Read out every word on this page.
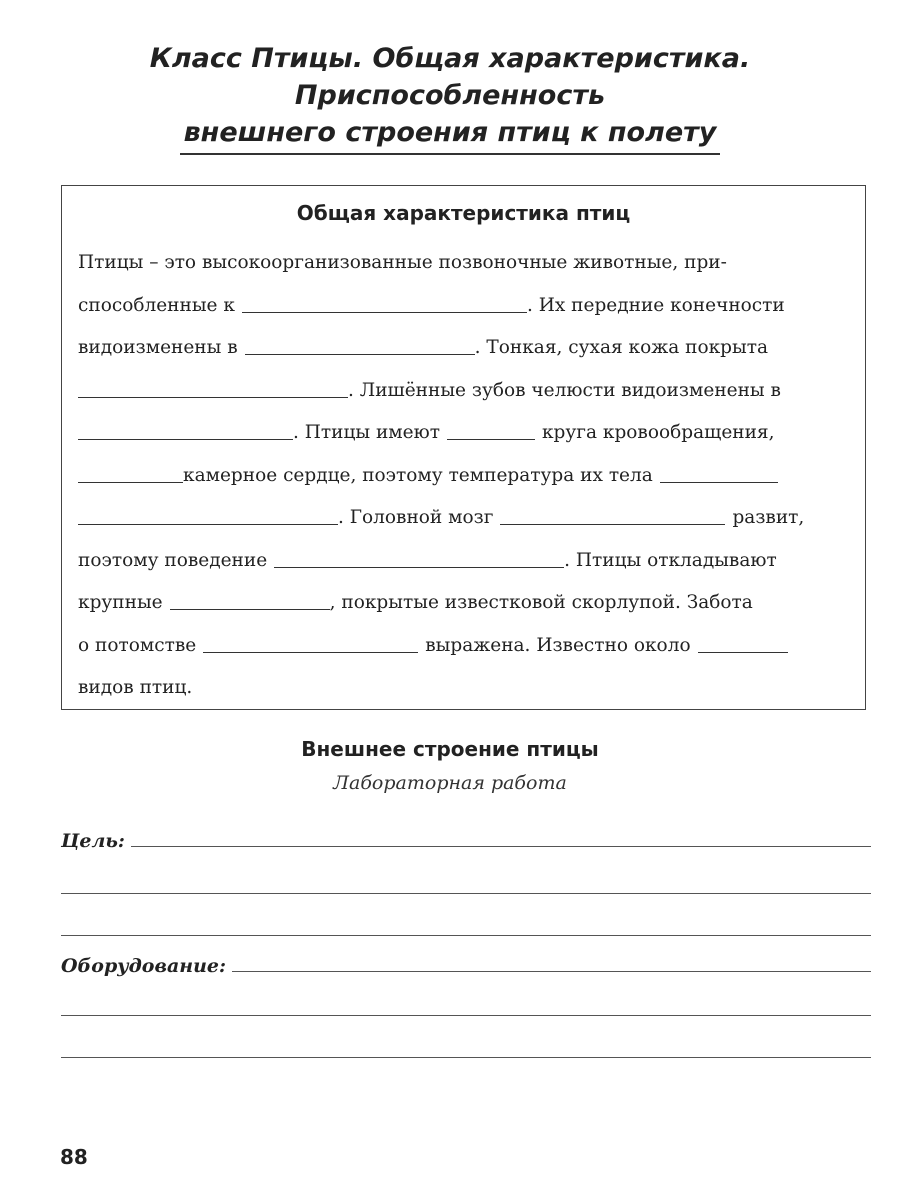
Класс Птицы. Общая характеристика.
Приспособленность
внешнего строения птиц к полету
Общая характеристика птиц
Птицы – это высокоорганизованные позвоночные животные, при-
способленные к	. Их передние конечности
видоизменены в	. Тонкая, сухая кожа покрыта
. Лишённые зубов челюсти видоизменены в
. Птицы имеют	круга кровообращения,
камерное сердце, поэтому температура их тела
. Головной мозг	развит,
поэтому поведение	. Птицы откладывают
крупные	, покрытые известковой скорлупой. Забота
о потомстве	выражена. Известно около
видов птиц.
Внешнее строение птицы
Лабораторная работа
Цель:
Оборудование:
88
